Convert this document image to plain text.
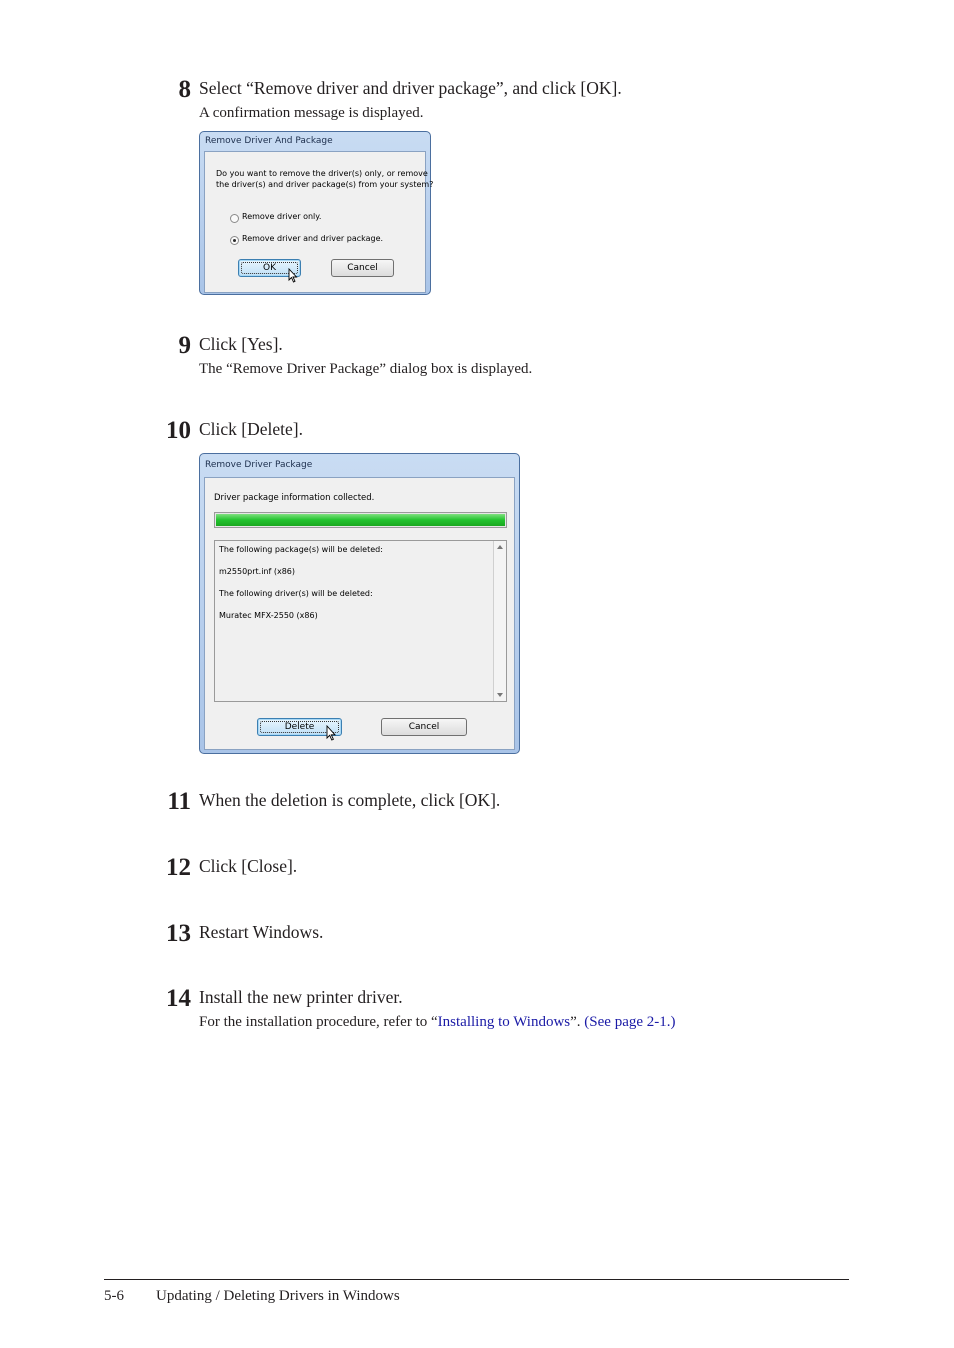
8 Select “Remove driver and driver package”, and click [OK].
A confirmation message is displayed.
Remove Driver And Package
Do you want to remove the driver(s) only, or remove
the driver(s) and driver package(s) from your system?
Remove driver only.
Remove driver and driver package.
OK	Cancel
9 Click [Yes].
The “Remove Driver Package” dialog box is displayed.
10 Click [Delete].
Remove Driver Package
Driver package information collected.
The following package(s) will be deleted:
m2550prt.inf (x86)
The following driver(s) will be deleted:
Muratec MFX-2550 (x86)
Delete	Cancel
11 When the deletion is complete, click [OK].
12 Click [Close].
13 Restart Windows.
14 Install the new printer driver.
For the installation procedure, refer to “Installing to Windows”. (See page 2-1.)
5-6 Updating / Deleting Drivers in Windows
